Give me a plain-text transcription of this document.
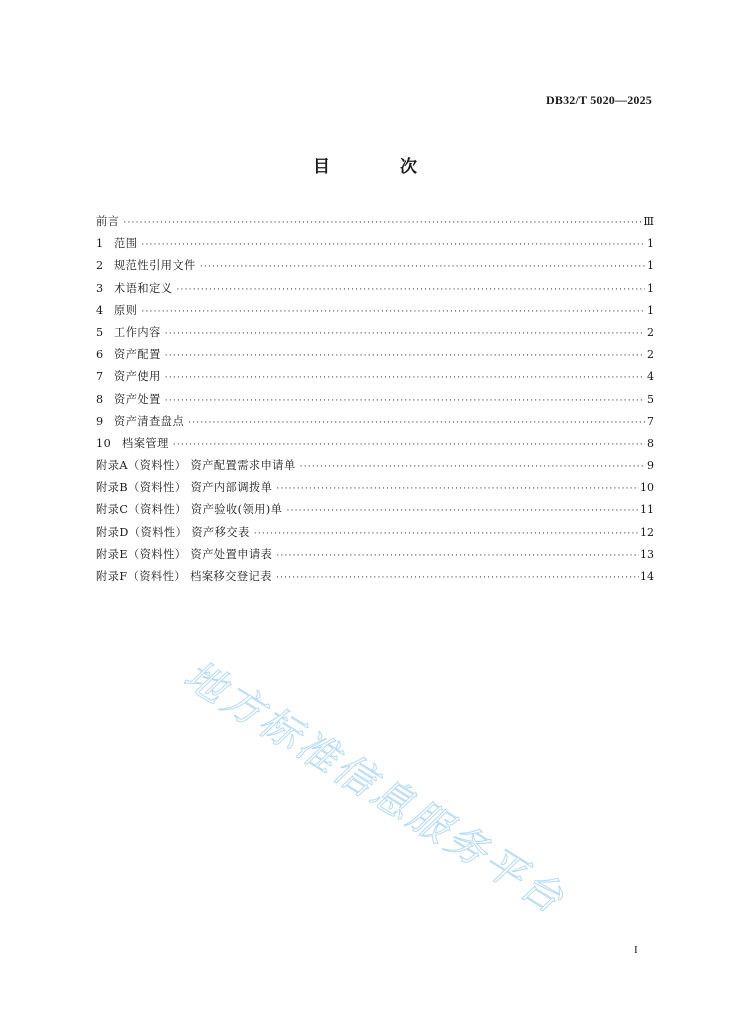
DB32/T 5020—2025
目 次
前言 ·····	Ⅲ
1 范围 ·····	1
2 规范性引用文件 ·····	1
3 术语和定义 ·····	1
4 原则 ·····	1
5 工作内容 ·····	2
6 资产配置 ·····	2
7 资产使用 ·····	4
8 资产处置 ·····	5
9 资产清查盘点 ·····	7
10 档案管理 ·····	8
附录A（资料性） 资产配置需求申请单 ·····	9
附录B（资料性） 资产内部调拨单 ·····	10
附录C（资料性） 资产验收(领用)单 ·····	11
附录D（资料性） 资产移交表 ·····	12
附录E（资料性） 资产处置申请表 ·····	13
附录F（资料性） 档案移交登记表 ·····	14
地方标准信息服务平台
I
